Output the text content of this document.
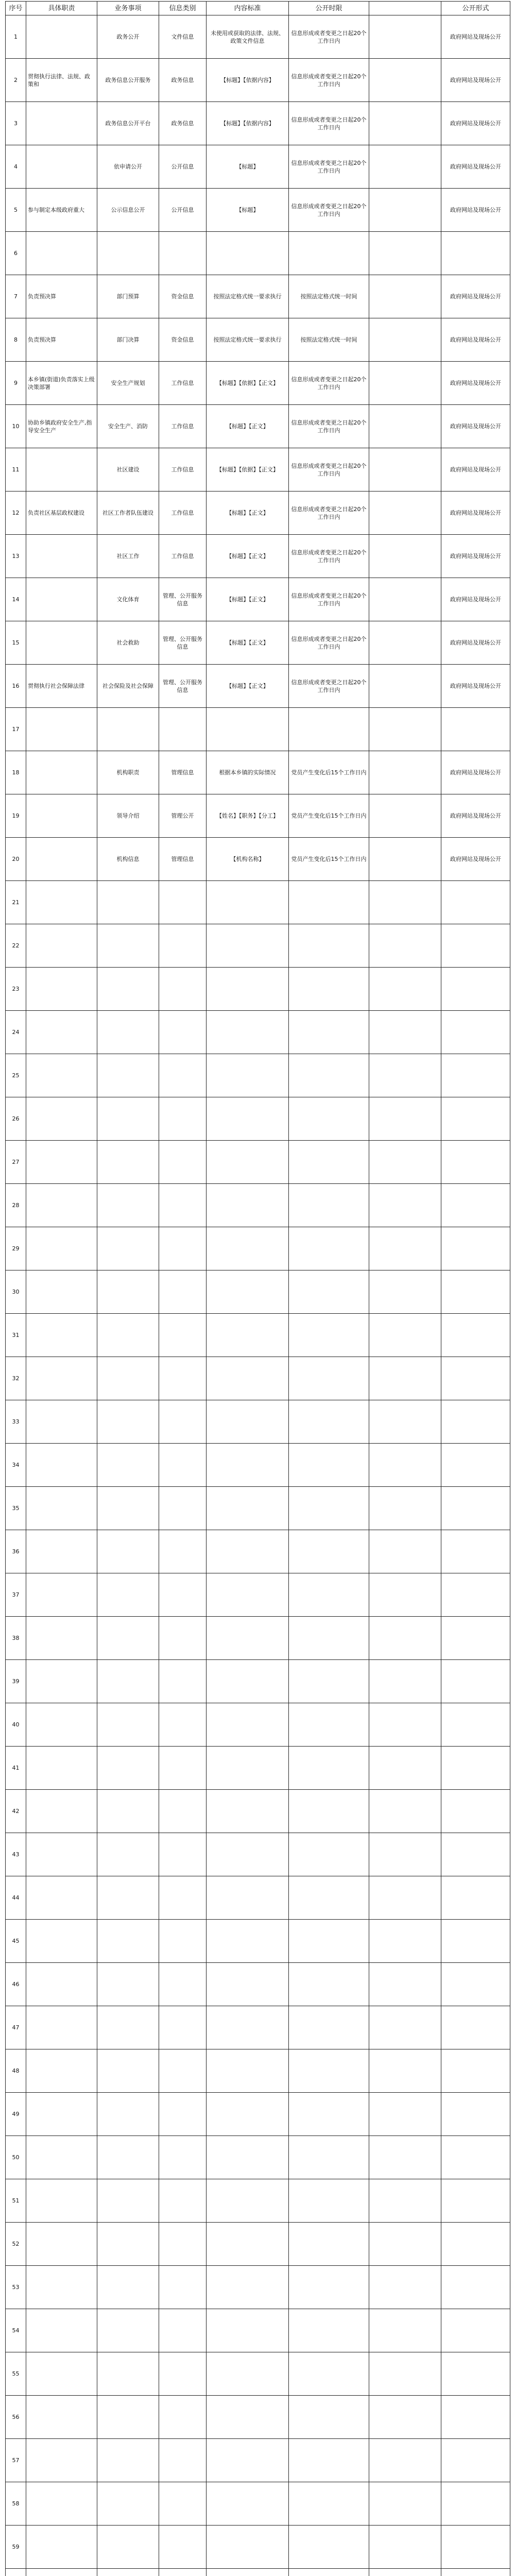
序号	具体职责	业务事项	信息类别	内容标准	公开时限		公开形式
1		政务公开	文件信息	未使用或获取的法律、法规、政策文件信息	信息形成或者变更之日起20个工作日内		政府网站及现场公开
2	贯彻执行法律、法规、政策和	政务信息公开服务	政务信息	【标题】【依据内容】	信息形成或者变更之日起20个工作日内		政府网站及现场公开
3		政务信息公开平台	政务信息	【标题】【依据内容】	信息形成或者变更之日起20个工作日内		政府网站及现场公开
4		依申请公开	公开信息	【标题】	信息形成或者变更之日起20个工作日内		政府网站及现场公开
5	参与制定本级政府重大	公示信息公开	公开信息	【标题】	信息形成或者变更之日起20个工作日内		政府网站及现场公开
6							
7	负责预决算	部门预算	资金信息	按照法定格式统一要求执行	按照法定格式统一时间		政府网站及现场公开
8	负责预决算	部门决算	资金信息	按照法定格式统一要求执行	按照法定格式统一时间		政府网站及现场公开
9	本乡镇(街道)负责落实上级决策部署	安全生产规划	工作信息	【标题】【依据】【正文】	信息形成或者变更之日起20个工作日内		政府网站及现场公开
10	协助乡镇政府安全生产,指导安全生产	安全生产、消防	工作信息	【标题】【正文】	信息形成或者变更之日起20个工作日内		政府网站及现场公开
11		社区建设	工作信息	【标题】【依据】【正文】	信息形成或者变更之日起20个工作日内		政府网站及现场公开
12	负责社区基层政权建设	社区工作者队伍建设	工作信息	【标题】【正文】	信息形成或者变更之日起20个工作日内		政府网站及现场公开
13		社区工作	工作信息	【标题】【正文】	信息形成或者变更之日起20个工作日内		政府网站及现场公开
14		文化体育	管理、公开服务信息	【标题】【正文】	信息形成或者变更之日起20个工作日内		政府网站及现场公开
15		社会救助	管理、公开服务信息	【标题】【正文】	信息形成或者变更之日起20个工作日内		政府网站及现场公开
16	贯彻执行社会保障法律	社会保险及社会保障	管理、公开服务信息	【标题】【正文】	信息形成或者变更之日起20个工作日内		政府网站及现场公开
17							
18		机构职责	管理信息	根据本乡镇的实际情况	党员产生变化后15个工作日内		政府网站及现场公开
19		领导介绍	管理公开	【姓名】【职务】【分工】	党员产生变化后15个工作日内		政府网站及现场公开
20		机构信息	管理信息	【机构名称】	党员产生变化后15个工作日内		政府网站及现场公开
21							
22							
23							
24							
25							
26							
27							
28							
29							
30							
31							
32							
33							
34							
35							
36							
37							
38							
39							
40							
41							
42							
43							
44							
45							
46							
47							
48							
49							
50							
51							
52							
53							
54							
55							
56							
57							
58							
59							
